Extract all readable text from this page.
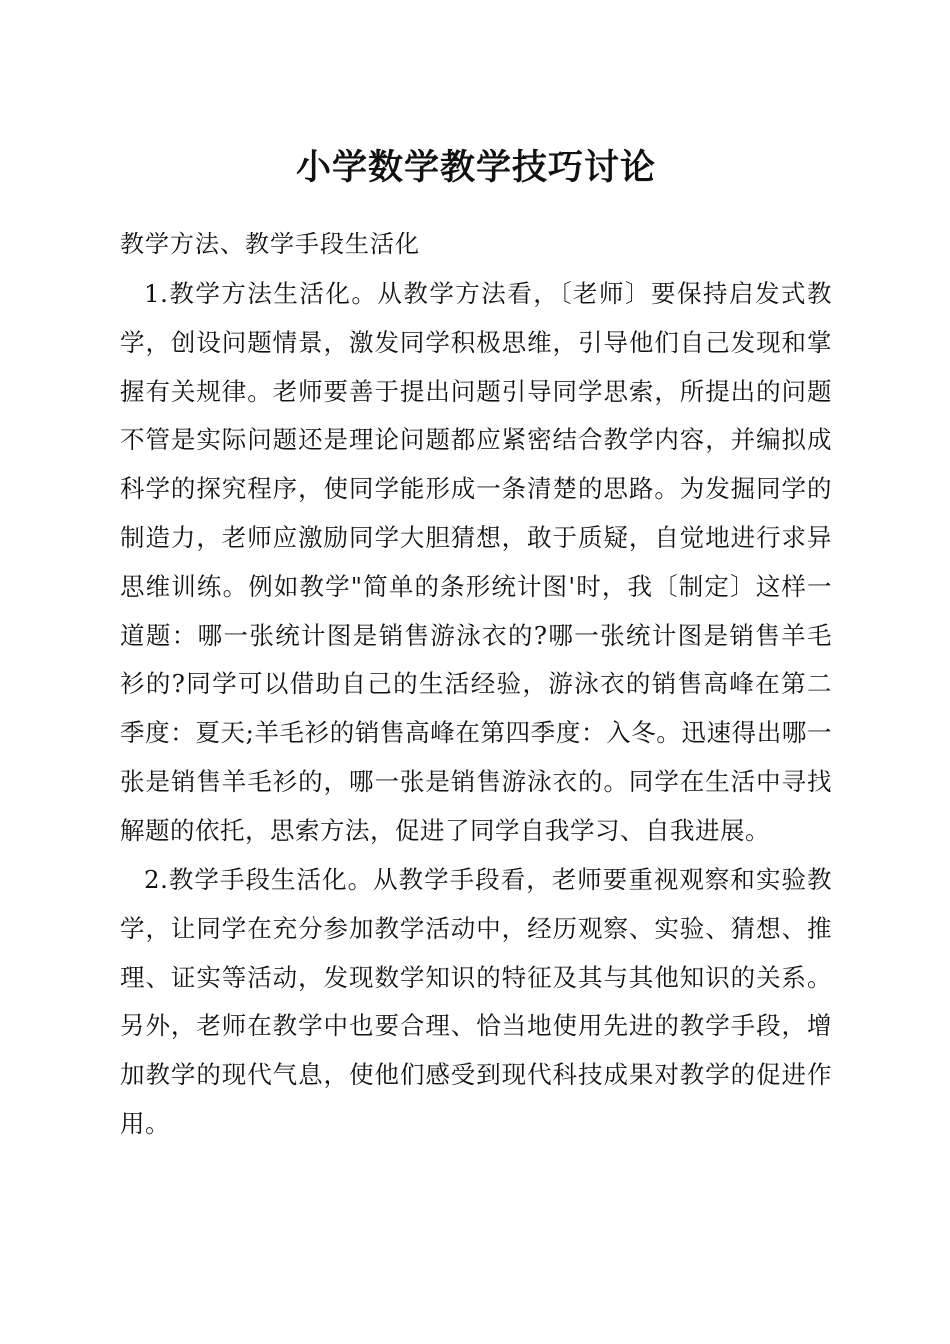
小学数学教学技巧讨论
教学方法、教学手段生活化

1.教学方法生活化。从教学方法看，〔老师〕要保持启发式教学，创设问题情景，激发同学积极思维，引导他们自己发现和掌握有关规律。老师要善于提出问题引导同学思索，所提出的问题不管是实际问题还是理论问题都应紧密结合教学内容，并编拟成科学的探究程序，使同学能形成一条清楚的思路。为发掘同学的制造力，老师应激励同学大胆猜想，敢于质疑，自觉地进行求异思维训练。例如教学"简单的条形统计图'时，我〔制定〕这样一道题：哪一张统计图是销售游泳衣的?哪一张统计图是销售羊毛衫的?同学可以借助自己的生活经验，游泳衣的销售高峰在第二季度：夏天;羊毛衫的销售高峰在第四季度：入冬。迅速得出哪一张是销售羊毛衫的，哪一张是销售游泳衣的。同学在生活中寻找解题的依托，思索方法，促进了同学自我学习、自我进展。

2.教学手段生活化。从教学手段看，老师要重视观察和实验教学，让同学在充分参加教学活动中，经历观察、实验、猜想、推理、证实等活动，发现数学知识的特征及其与其他知识的关系。另外，老师在教学中也要合理、恰当地使用先进的教学手段，增加教学的现代气息，使他们感受到现代科技成果对教学的促进作用。
